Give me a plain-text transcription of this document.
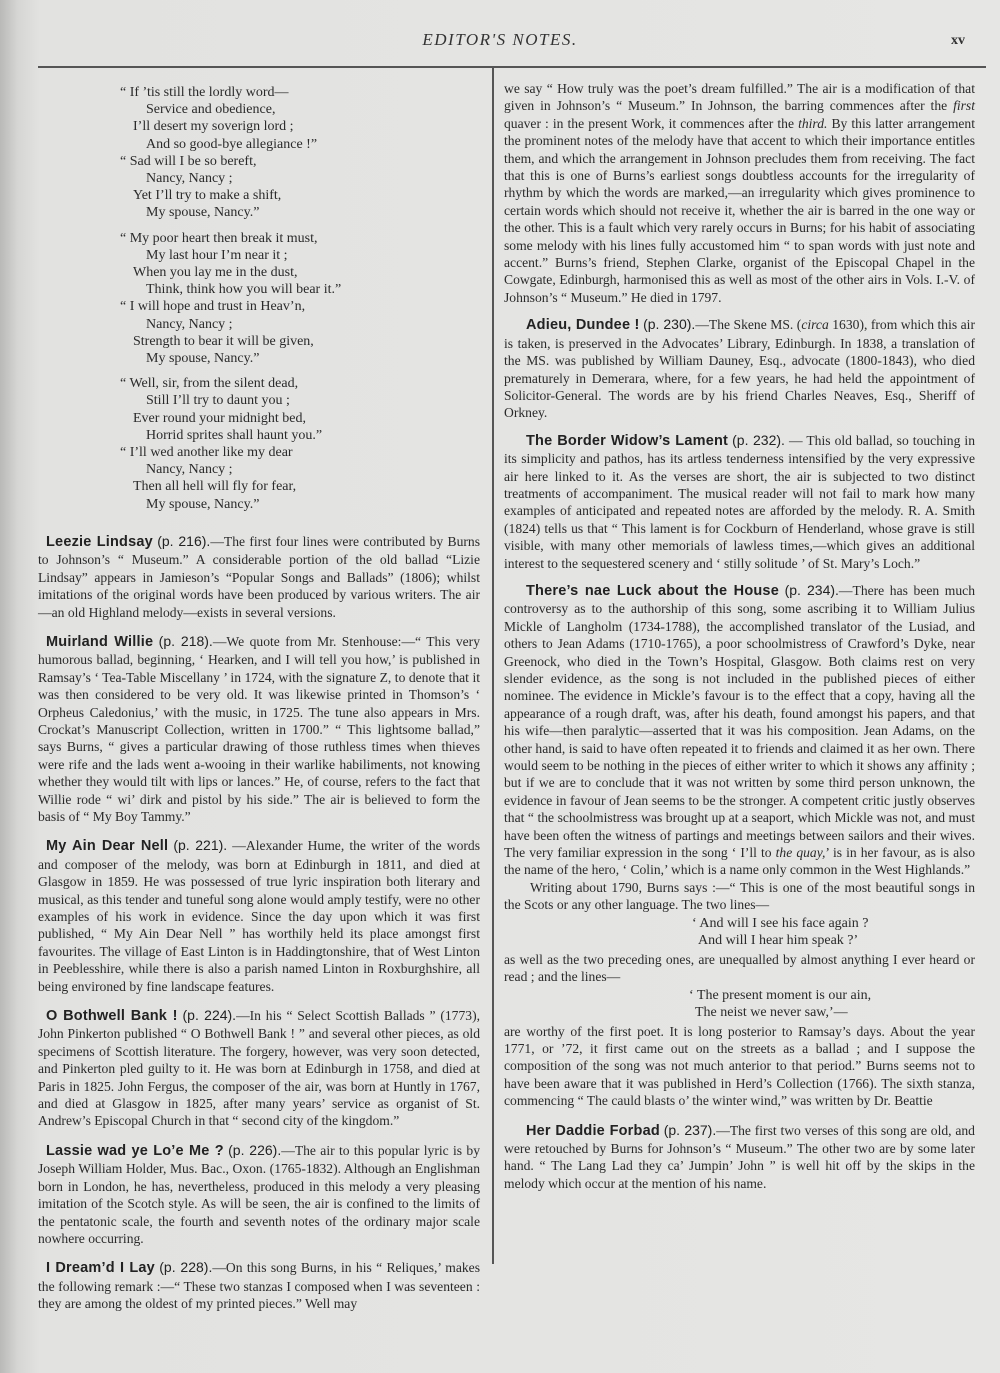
EDITOR'S NOTES.	xv
“ If ’tis still the lordly word—
Service and obedience,
I’ll desert my soverign lord ;
And so good-bye allegiance !”
“ Sad will I be so bereft,
Nancy, Nancy ;
Yet I’ll try to make a shift,
My spouse, Nancy.”
“ My poor heart then break it must,
My last hour I’m near it ;
When you lay me in the dust,
Think, think how you will bear it.”
“ I will hope and trust in Heav’n,
Nancy, Nancy ;
Strength to bear it will be given,
My spouse, Nancy.”
“ Well, sir, from the silent dead,
Still I’ll try to daunt you ;
Ever round your midnight bed,
Horrid sprites shall haunt you.”
“ I’ll wed another like my dear
Nancy, Nancy ;
Then all hell will fly for fear,
My spouse, Nancy.”

Leezie Lindsay (p. 216).—The first four lines were contributed by Burns to Johnson’s “ Museum.” A considerable portion of the old ballad “Lizie Lindsay” appears in Jamieson’s “Popular Songs and Ballads” (1806); whilst imitations of the original words have been produced by various writers. The air—an old Highland melody—exists in several versions.

Muirland Willie (p. 218).—We quote from Mr. Stenhouse:—“ This very humorous ballad, beginning, ‘ Hearken, and I will tell you how,’ is published in Ramsay’s ‘ Tea-Table Miscellany ’ in 1724, with the signature Z, to denote that it was then considered to be very old. It was likewise printed in Thomson’s ‘ Orpheus Caledonius,’ with the music, in 1725. The tune also appears in Mrs. Crockat’s Manuscript Collection, written in 1700.” “ This lightsome ballad,” says Burns, “ gives a particular drawing of those ruthless times when thieves were rife and the lads went a-wooing in their warlike habiliments, not knowing whether they would tilt with lips or lances.” He, of course, refers to the fact that Willie rode “ wi’ dirk and pistol by his side.” The air is believed to form the basis of “ My Boy Tammy.”

My Ain Dear Nell (p. 221). —Alexander Hume, the writer of the words and composer of the melody, was born at Edinburgh in 1811, and died at Glasgow in 1859. He was possessed of true lyric inspiration both literary and musical, as this tender and tuneful song alone would amply testify, were no other examples of his work in evidence. Since the day upon which it was first published, “ My Ain Dear Nell ” has worthily held its place amongst first favourites. The village of East Linton is in Haddingtonshire, that of West Linton in Peeblesshire, while there is also a parish named Linton in Roxburghshire, all being environed by fine landscape features.

O Bothwell Bank ! (p. 224).—In his “ Select Scottish Ballads ” (1773), John Pinkerton published “ O Bothwell Bank ! ” and several other pieces, as old specimens of Scottish literature. The forgery, however, was very soon detected, and Pinkerton pled guilty to it. He was born at Edinburgh in 1758, and died at Paris in 1825. John Fergus, the composer of the air, was born at Huntly in 1767, and died at Glasgow in 1825, after many years’ service as organist of St. Andrew’s Episcopal Church in that “ second city of the kingdom.”

Lassie wad ye Lo’e Me ? (p. 226).—The air to this popular lyric is by Joseph William Holder, Mus. Bac., Oxon. (1765-1832). Although an Englishman born in London, he has, nevertheless, produced in this melody a very pleasing imitation of the Scotch style. As will be seen, the air is confined to the limits of the pentatonic scale, the fourth and seventh notes of the ordinary major scale nowhere occurring.

I Dream’d I Lay (p. 228).—On this song Burns, in his “ Reliques,’ makes the following remark :—“ These two stanzas I composed when I was seventeen : they are among the oldest of my printed pieces.” Well may

we say “ How truly was the poet’s dream fulfilled.” The air is a modification of that given in Johnson’s “ Museum.” In Johnson, the barring commences after the first quaver : in the present Work, it commences after the third. By this latter arrangement the prominent notes of the melody have that accent to which their importance entitles them, and which the arrangement in Johnson precludes them from receiving. The fact that this is one of Burns’s earliest songs doubtless accounts for the irregularity of rhythm by which the words are marked,—an irregularity which gives prominence to certain words which should not receive it, whether the air is barred in the one way or the other. This is a fault which very rarely occurs in Burns; for his habit of associating some melody with his lines fully accustomed him “ to span words with just note and accent.” Burns’s friend, Stephen Clarke, organist of the Episcopal Chapel in the Cowgate, Edinburgh, harmonised this as well as most of the other airs in Vols. I.-V. of Johnson’s “ Museum.” He died in 1797.

Adieu, Dundee ! (p. 230).—The Skene MS. (circa 1630), from which this air is taken, is preserved in the Advocates’ Library, Edinburgh. In 1838, a translation of the MS. was published by William Dauney, Esq., advocate (1800-1843), who died prematurely in Demerara, where, for a few years, he had held the appointment of Solicitor-General. The words are by his friend Charles Neaves, Esq., Sheriff of Orkney.

The Border Widow’s Lament (p. 232). — This old ballad, so touching in its simplicity and pathos, has its artless tenderness intensified by the very expressive air here linked to it. As the verses are short, the air is subjected to two distinct treatments of accompaniment. The musical reader will not fail to mark how many examples of anticipated and repeated notes are afforded by the melody. R. A. Smith (1824) tells us that “ This lament is for Cockburn of Henderland, whose grave is still visible, with many other memorials of lawless times,—which gives an additional interest to the sequestered scenery and ‘ stilly solitude ’ of St. Mary’s Loch.”

There’s nae Luck about the House (p. 234).—There has been much controversy as to the authorship of this song, some ascribing it to William Julius Mickle of Langholm (1734-1788), the accomplished translator of the Lusiad, and others to Jean Adams (1710-1765), a poor schoolmistress of Crawford’s Dyke, near Greenock, who died in the Town’s Hospital, Glasgow. Both claims rest on very slender evidence, as the song is not included in the published pieces of either nominee. The evidence in Mickle’s favour is to the effect that a copy, having all the appearance of a rough draft, was, after his death, found amongst his papers, and that his wife—then paralytic—asserted that it was his composition. Jean Adams, on the other hand, is said to have often repeated it to friends and claimed it as her own. There would seem to be nothing in the pieces of either writer to which it shows any affinity ; but if we are to conclude that it was not written by some third person unknown, the evidence in favour of Jean seems to be the stronger. A competent critic justly observes that “ the schoolmistress was brought up at a seaport, which Mickle was not, and must have been often the witness of partings and meetings between sailors and their wives. The very familiar expression in the song ‘ I’ll to the quay,’ is in her favour, as is also the name of the hero, ‘ Colin,’ which is a name only common in the West Highlands.”

Writing about 1790, Burns says :—“ This is one of the most beautiful songs in the Scots or any other language. The two lines—

‘ And will I see his face again ?
And will I hear him speak ?’

as well as the two preceding ones, are unequalled by almost anything I ever heard or read ; and the lines—

‘ The present moment is our ain,
The neist we never saw,’—

are worthy of the first poet. It is long posterior to Ramsay’s days. About the year 1771, or ’72, it first came out on the streets as a ballad ; and I suppose the composition of the song was not much anterior to that period.” Burns seems not to have been aware that it was published in Herd’s Collection (1766). The sixth stanza, commencing “ The cauld blasts o’ the winter wind,” was written by Dr. Beattie

Her Daddie Forbad (p. 237).—The first two verses of this song are old, and were retouched by Burns for Johnson’s “ Museum.” The other two are by some later hand. “ The Lang Lad they ca’ Jumpin’ John ” is well hit off by the skips in the melody which occur at the mention of his name.
